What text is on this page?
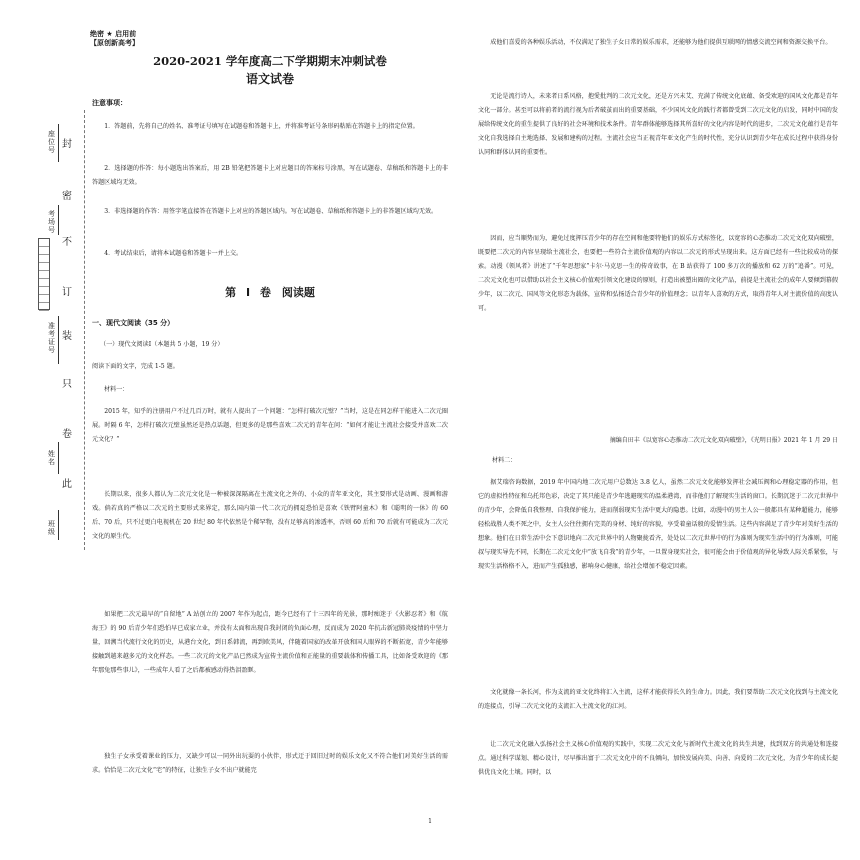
封
密
不
订
装
只
卷
此
座位号
考场号
准考证号
姓名
班级
绝密 ★ 启用前
【原创新高考】
2020-2021 学年度高二下学期期末冲刺试卷
语文试卷
注意事项：
1．答题前，先将自己的姓名、准考证号填写在试题卷和答题卡上，并将准考证号条形码粘贴在答题卡上的指定位置。
2．选择题的作答：每小题选出答案后，用 2B 铅笔把答题卡上对应题目的答案标号涂黑，写在试题卷、草稿纸和答题卡上的非答题区域均无效。
3．非选择题的作答：用签字笔直接答在答题卡上对应的答题区域内。写在试题卷、草稿纸和答题卡上的非答题区域均无效。
4．考试结束后，请将本试题卷和答题卡一并上交。
第 Ⅰ 卷　阅读题
一、现代文阅读（35 分）
（一）现代文阅读Ⅰ（本题共 5 小题，19 分）
阅读下面的文字，完成 1-5 题。
材料一：
2015 年，知乎的注册用户不过几百万时，就有人提出了一个问题：“怎样打破次元壁？”当时，这是在同怎样干能进入二次元圈展。时隔 6 年，怎样打破次元壁虽然还是热点话题，但更多的是那些喜欢二次元的青年在问：“如何才能让主流社会接受并喜欢二次元文化？”
长期以来，很多人都认为二次元文化是一种被深深隔离在主流文化之外的、小众的青年亚文化，其主要形式是动画、漫画和游戏。倘若真的严格以二次元的主要形式来界定，那么国内第一代二次元的拥趸恐怕是喜欢《铁臂阿童木》和《聪明的一休》的 60 后、70 后，只不过更白电视机在 20 世纪 80 年代依然是个稀罕物，没有足够高的渗透率，否则 60 后和 70 后就有可能成为二次元文化的原生代。
如果把二次元最早的“自留地” A 站创立的 2007 年作为起点，距今已经有了十三四年的光景，那时痴迷于《火影忍者》和《航海王》的 90 后青少年们恐怕早已成家立业，并没有太面和出现自我封闭的负面心理，反而成为 2020 年抗击新冠肺炎疫情的中坚力量，回溯当代流行文化的历史，从港台文化，到日系韩流，再到欧美风，伴随着国家的改革开放和国人眼界的不断拓宽，青少年能够接触到越来越多元的文化样态。一些二次元的文化产品已然成为宣传主流价值和正能量的重要载体和传播工具，比如备受欢迎的《那年那兔那些事儿》，一些成年人看了之后都被感动得热泪盈眶。
独生子女承受着课业的压力，又缺少可以一同外出玩耍的小伙伴，形式迂于回旧过时的娱乐文化又不符合他们对美好生活的需求。恰恰是二次元文化“宅”的特征，让独生子女不出户就能完
成他们喜爱的各种娱乐活动，不仅满足了独生子女日常的娱乐需求，还能够为他们提供互联网的情感交流空间和资源交换平台。
无论是流行诗人，未来者日系风格，抱愛批判的二次元文化，还是方兴未艾、充满了传统文化底蕴、备受欢迎的国风文化都是青年文化一部分。甚至可以将前者的流行视为后者破茧而出的重要基础，不少国风文化的践行者都曾受到二次元文化的启发，同时中国的发展给传统文化的重生提供了良好的社会环境和技术条件。青年群体能够选择其所喜好的文化内容是时代的进步，二次元文化蕴行是青年文化自我选择自主地选择、发展和建构的过程。主流社会应当正视青年亚文化产生的时代性，充分认识到青少年在成长过程中获得身份认同和群体认同的重要性。
因而，应当顺势而为，避免过度挥压青少年的存在空间和他要特他们的娱乐方式标签化，以宽容的心态推动二次元文化双向破壁，既要把二次元的内容呈现给主流社会，也要把一些符合主流价值观的内容以二次元的形式呈现出来。这方面已经有一些比较成功的探索。动漫《领风者》讲述了“千年思想家”卡尔·马克思一生的传奇故事，在 B 站获得了 100 多万次的播放和 62 万的“追番”。可见，二次元文化也可以借助以社会主义核心价值观引领文化建设的原则，打造出被塑出圈的文化产品，前提是主流社会的成年人要倾到幕假少年，以二次元、国风等文化形态为载体，宣传和弘扬适合青少年的价值理念；以青年人喜欢的方式，取得青年人对主流价值的高度认可。
摘编自田丰《以宽容心态推动二次元文化双向破壁》，《光明日报》2021 年 1 月 29 日
材料二：
据艾瑞咨询数据，2019 年中国内地二次元用户总数达 3.8 亿人，虽然二次元文化能够发挥社会减压阀和心理稳定器的作用，但它的虚拟性特征和乌托邦色彩，决定了其只能是青少年逃避现实的温柔港湾，而非他们了解现实生活的窗口。长期沉迷于二次元世界中的青少年，会降低自我整理、自我保护能力，进而削弱现实生活中更大的隐患。比如，动漫中的男主人公一般都具有某种超能力，能够轻松战胜人类不死之中，女主人公往往拥有完美的身材、纯好的容貌，享受着童话般的爱情生活。这些内容满足了青少年对美好生活的想象。他们在日常生活中会下意识地向二次元世界中的人物聚拢看齐，处处以二次元世界中的行为准则为现实生活中的行为准则，可能叔与现实导先不同，长期在二次元文化中“放飞自我”的青少年，一旦置身现实社会，很可能会由于价值观的异化导致人际关系紧张，与现实生活格格不入，进而产生孤独感，影响身心健康，给社会增加不稳定因素。
文化就像一条长河，作为支流的亚文化终将汇入主流，这样才能获得长久的生命力。因此，我们要帮助二次元文化找到与主流文化的连接点，引导二次元文化的支流汇入主流文化的江河。
让二次元文化融入弘扬社会主义核心价值观的实践中，实现二次元文化与新时代主流文化的共生共建，找到双方的共通处和连接点。通过科学谋划、精心设计，尽早推出富于二次元文化中的不良倾向，加快发展向美、向善、向爱的二次元文化，为青少年的成长提供优良文化土壤。同时，以
1
